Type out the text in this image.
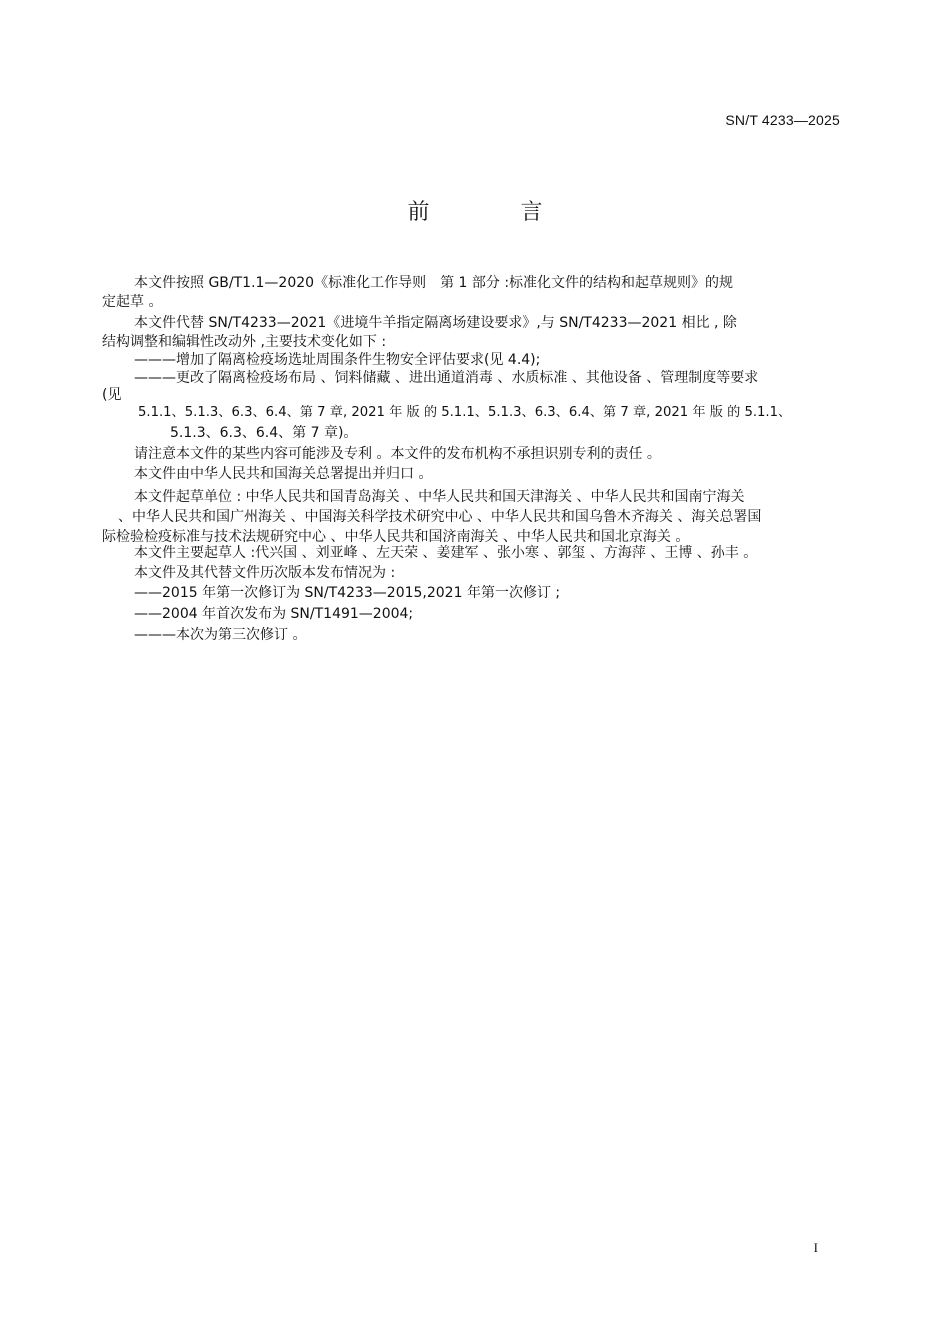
SN/T 4233—2025
前 言
本文件按照 GB/T1.1—2020《标准化工作导则　第 1 部分 :标准化文件的结构和起草规则》的规
定起草 。
本文件代替 SN/T4233—2021《进境牛羊指定隔离场建设要求》,与 SN/T4233—2021 相比 , 除
结构调整和编辑性改动外 ,主要技术变化如下 :
———增加了隔离检疫场选址周围条件生物安全评估要求(见 4.4);
———更改了隔离检疫场布局 、饲料储藏 、进出通道消毒 、水质标准 、其他设备 、管理制度等要求
(见
5.1.1、5.1.3、6.3、6.4、第 7 章, 2021 年 版 的 5.1.1、5.1.3、6.3、6.4、第 7 章, 2021 年 版 的 5.1.1、
5.1.3、6.3、6.4、第 7 章)。
请注意本文件的某些内容可能涉及专利 。本文件的发布机构不承担识别专利的责任 。
本文件由中华人民共和国海关总署提出并归口 。
本文件起草单位 : 中华人民共和国青岛海关 、中华人民共和国天津海关 、中华人民共和国南宁海关
、中华人民共和国广州海关 、中国海关科学技术研究中心 、中华人民共和国乌鲁木齐海关 、海关总署国
际检验检疫标准与技术法规研究中心 、中华人民共和国济南海关 、中华人民共和国北京海关 。
本文件主要起草人 :代兴国 、刘亚峰 、左天荣 、姜建军 、张小寒 、郭玺 、方海萍 、王博 、孙丰 。
本文件及其代替文件历次版本发布情况为 :
——2015 年第一次修订为 SN/T4233—2015,2021 年第一次修订 ;
——2004 年首次发布为 SN/T1491—2004;
———本次为第三次修订 。
I
